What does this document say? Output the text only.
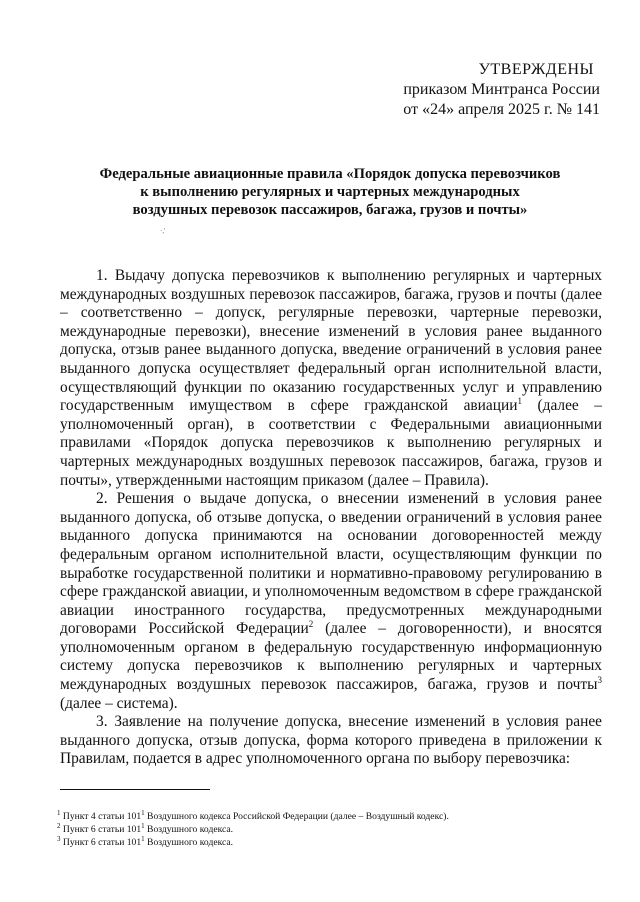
УТВЕРЖДЕНЫ
приказом Минтранса России
от «24» апреля 2025 г. № 141
Федеральные авиационные правила «Порядок допуска перевозчиков
к выполнению регулярных и чартерных международных
воздушных перевозок пассажиров, багажа, грузов и почты»
·,'

1. Выдачу допуска перевозчиков к выполнению регулярных и чартерных международных воздушных перевозок пассажиров, багажа, грузов и почты (далее – соответственно – допуск, регулярные перевозки, чартерные перевозки, международные перевозки), внесение изменений в условия ранее выданного допуска, отзыв ранее выданного допуска, введение ограничений в условия ранее выданного допуска осуществляет федеральный орган исполнительной власти, осуществляющий функции по оказанию государственных услуг и управлению государственным имуществом в сфере гражданской авиации$^1$ (далее – уполномоченный орган), в соответствии с Федеральными авиационными правилами «Порядок допуска перевозчиков к выполнению регулярных и чартерных международных воздушных перевозок пассажиров, багажа, грузов и почты», утвержденными настоящим приказом (далее – Правила).

2. Решения о выдаче допуска, о внесении изменений в условия ранее выданного допуска, об отзыве допуска, о введении ограничений в условия ранее выданного допуска принимаются на основании договоренностей между федеральным органом исполнительной власти, осуществляющим функции по выработке государственной политики и нормативно-правовому регулированию в сфере гражданской авиации, и уполномоченным ведомством в сфере гражданской авиации иностранного государства, предусмотренных международными договорами Российской Федерации$^2$ (далее – договоренности), и вносятся уполномоченным органом в федеральную государственную информационную систему допуска перевозчиков к выполнению регулярных и чартерных международных воздушных перевозок пассажиров, багажа, грузов и почты$^3$ (далее – система).

3. Заявление на получение допуска, внесение изменений в условия ранее выданного допуска, отзыв допуска, форма которого приведена в приложении к Правилам, подается в адрес уполномоченного органа по выбору перевозчика:

$^1$ Пункт 4 статьи $101^1$ Воздушного кодекса Российской Федерации (далее – Воздушный кодекс).
$^2$ Пункт 6 статьи $101^1$ Воздушного кодекса.
$^3$ Пункт 6 статьи $101^1$ Воздушного кодекса.
